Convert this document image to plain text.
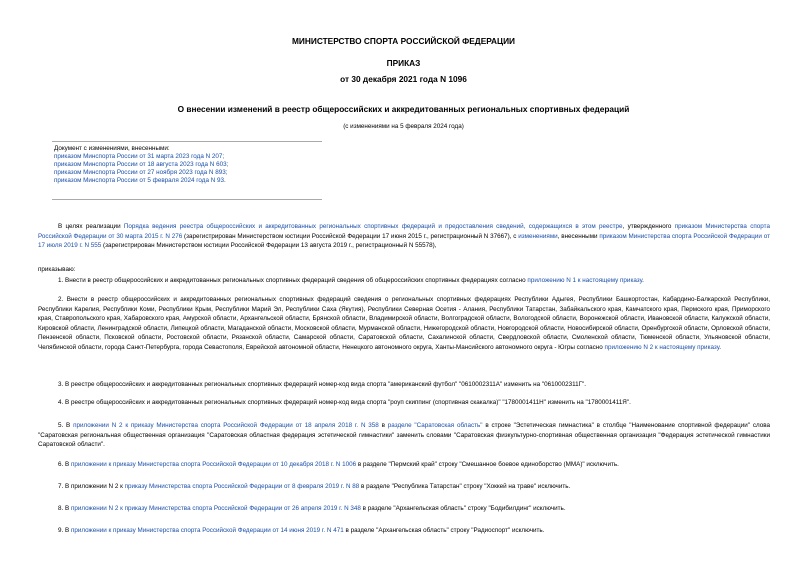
МИНИСТЕРСТВО СПОРТА РОССИЙСКОЙ ФЕДЕРАЦИИ
ПРИКАЗ
от 30 декабря 2021 года N 1096
О внесении изменений в реестр общероссийских и аккредитованных региональных спортивных федераций
(с изменениями на 5 февраля 2024 года)
Документ с изменениями, внесенными:
приказом Минспорта России от 31 марта 2023 года N 207;
приказом Минспорта России от 18 августа 2023 года N 603;
приказом Минспорта России от 27 ноября 2023 года N 893;
приказом Минспорта России от 5 февраля 2024 года N 93.

В целях реализации Порядка ведения реестра общероссийских и аккредитованных региональных спортивных федераций и предоставления сведений, содержащихся в этом реестре, утвержденного приказом Министерства спорта Российской Федерации от 30 марта 2015 г. N 276 (зарегистрирован Министерством юстиции Российской Федерации 17 июня 2015 г., регистрационный N 37667), с изменениями, внесенными приказом Министерства спорта Российской Федерации от 17 июля 2019 г. N 555 (зарегистрирован Министерством юстиции Российской Федерации 13 августа 2019 г., регистрационный N 55578),

приказываю:

1. Внести в реестр общероссийских и аккредитованных региональных спортивных федераций сведения об общероссийских спортивных федерациях согласно приложению N 1 к настоящему приказу.

2. Внести в реестр общероссийских и аккредитованных региональных спортивных федераций сведения о региональных спортивных федерациях Республики Адыгея, Республики Башкортостан, Кабардино-Балкарской Республики, Республики Карелия, Республики Коми, Республики Крым, Республики Марий Эл, Республики Саха (Якутия), Республики Северная Осетия - Алания, Республики Татарстан, Забайкальского края, Камчатского края, Пермского края, Приморского края, Ставропольского края, Хабаровского края, Амурской области, Архангельской области, Брянской области, Владимирской области, Волгоградской области, Вологодской области, Воронежской области, Ивановской области, Калужской области, Кировской области, Ленинградской области, Липецкой области, Магаданской области, Московской области, Мурманской области, Нижегородской области, Новгородской области, Новосибирской области, Оренбургской области, Орловской области, Пензенской области, Псковской области, Ростовской области, Рязанской области, Самарской области, Саратовской области, Сахалинской области, Свердловской области, Смоленской области, Тюменской области, Ульяновской области, Челябинской области, города Санкт-Петербурга, города Севастополя, Еврейской автономной области, Ненецкого автономного округа, Ханты-Мансийского автономного округа - Югры согласно приложению N 2 к настоящему приказу.

3. В реестре общероссийских и аккредитованных региональных спортивных федераций номер-код вида спорта "американский футбол" "0610002311А" изменить на "0610002311Г".

4. В реестре общероссийских и аккредитованных региональных спортивных федераций номер-код вида спорта "роуп скиппинг (спортивная скакалка)" "1780001411Н" изменить на "1780001411Я".

5. В приложении N 2 к приказу Министерства спорта Российской Федерации от 18 апреля 2018 г. N 358 в разделе "Саратовская область" в строке "Эстетическая гимнастика" в столбце "Наименование спортивной федерации" слова "Саратовская региональная общественная организация "Саратовская областная федерация эстетической гимнастики" заменить словами "Саратовская физкультурно-спортивная общественная организация "Федерация эстетической гимнастики Саратовской области".

6. В приложении к приказу Министерства спорта Российской Федерации от 10 декабря 2018 г. N 1006 в разделе "Пермский край" строку "Смешанное боевое единоборство (ММА)" исключить.

7. В приложении N 2 к приказу Министерства спорта Российской Федерации от 8 февраля 2019 г. N 88 в разделе "Республика Татарстан" строку "Хоккей на траве" исключить.

8. В приложении N 2 к приказу Министерства спорта Российской Федерации от 26 апреля 2019 г. N 348 в разделе "Архангельская область" строку "Бодибилдинг" исключить.

9. В приложении к приказу Министерства спорта Российской Федерации от 14 июня 2019 г. N 471 в разделе "Архангельская область" строку "Радиоспорт" исключить.
